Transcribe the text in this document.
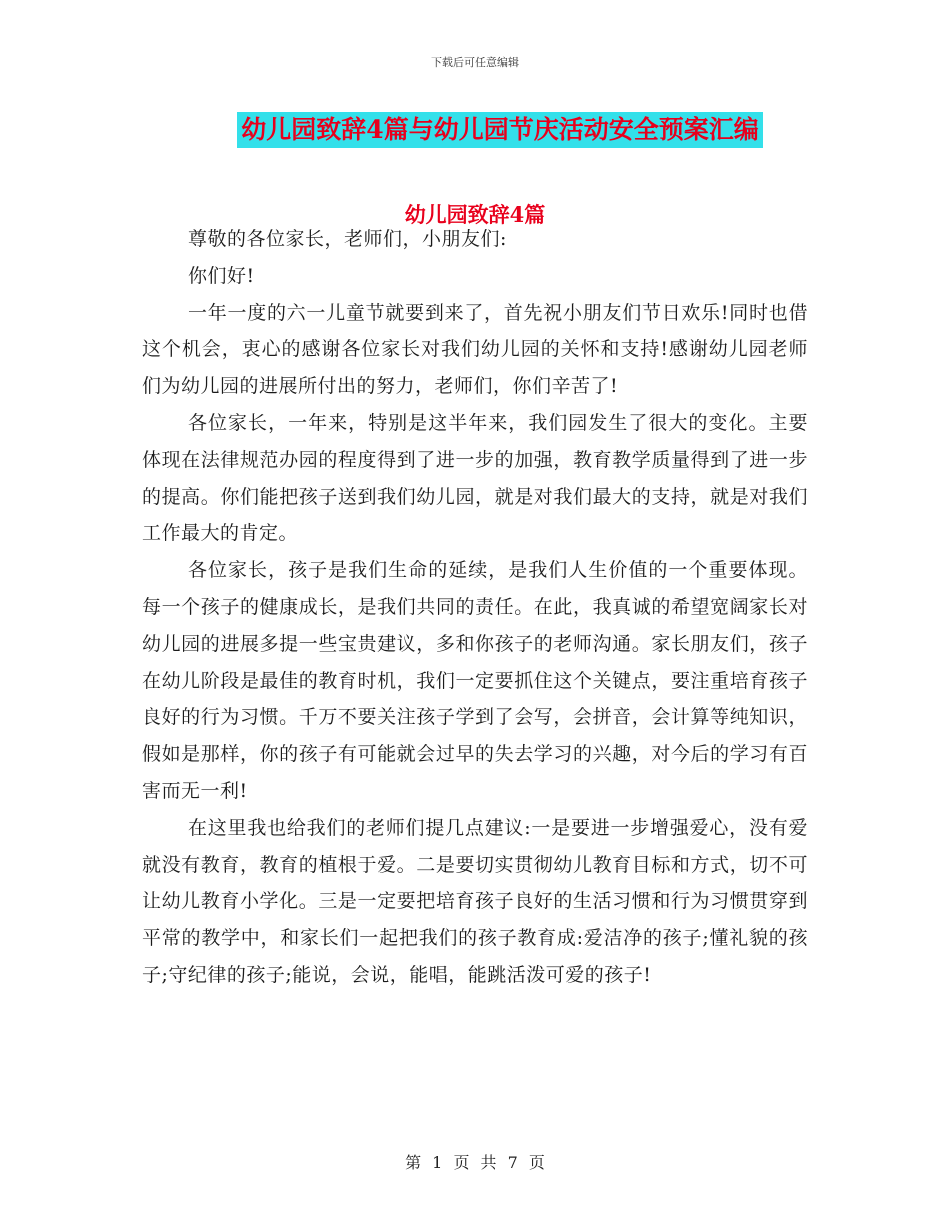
下载后可任意编辑
幼儿园致辞4篇与幼儿园节庆活动安全预案汇编
幼儿园致辞4篇

尊敬的各位家长，老师们，小朋友们:

你们好!

一年一度的六一儿童节就要到来了，首先祝小朋友们节日欢乐!同时也借这个机会，衷心的感谢各位家长对我们幼儿园的关怀和支持!感谢幼儿园老师们为幼儿园的进展所付出的努力，老师们，你们辛苦了!

各位家长，一年来，特别是这半年来，我们园发生了很大的变化。主要体现在法律规范办园的程度得到了进一步的加强，教育教学质量得到了进一步的提高。你们能把孩子送到我们幼儿园，就是对我们最大的支持，就是对我们工作最大的肯定。

各位家长，孩子是我们生命的延续，是我们人生价值的一个重要体现。每一个孩子的健康成长，是我们共同的责任。在此，我真诚的希望宽阔家长对幼儿园的进展多提一些宝贵建议，多和你孩子的老师沟通。家长朋友们，孩子在幼儿阶段是最佳的教育时机，我们一定要抓住这个关键点，要注重培育孩子良好的行为习惯。千万不要关注孩子学到了会写，会拼音，会计算等纯知识，假如是那样，你的孩子有可能就会过早的失去学习的兴趣，对今后的学习有百害而无一利!

在这里我也给我们的老师们提几点建议:一是要进一步增强爱心，没有爱就没有教育，教育的植根于爱。二是要切实贯彻幼儿教育目标和方式，切不可让幼儿教育小学化。三是一定要把培育孩子良好的生活习惯和行为习惯贯穿到平常的教学中，和家长们一起把我们的孩子教育成:爱洁净的孩子;懂礼貌的孩子;守纪律的孩子;能说，会说，能唱，能跳活泼可爱的孩子!

第 1 页 共 7 页
